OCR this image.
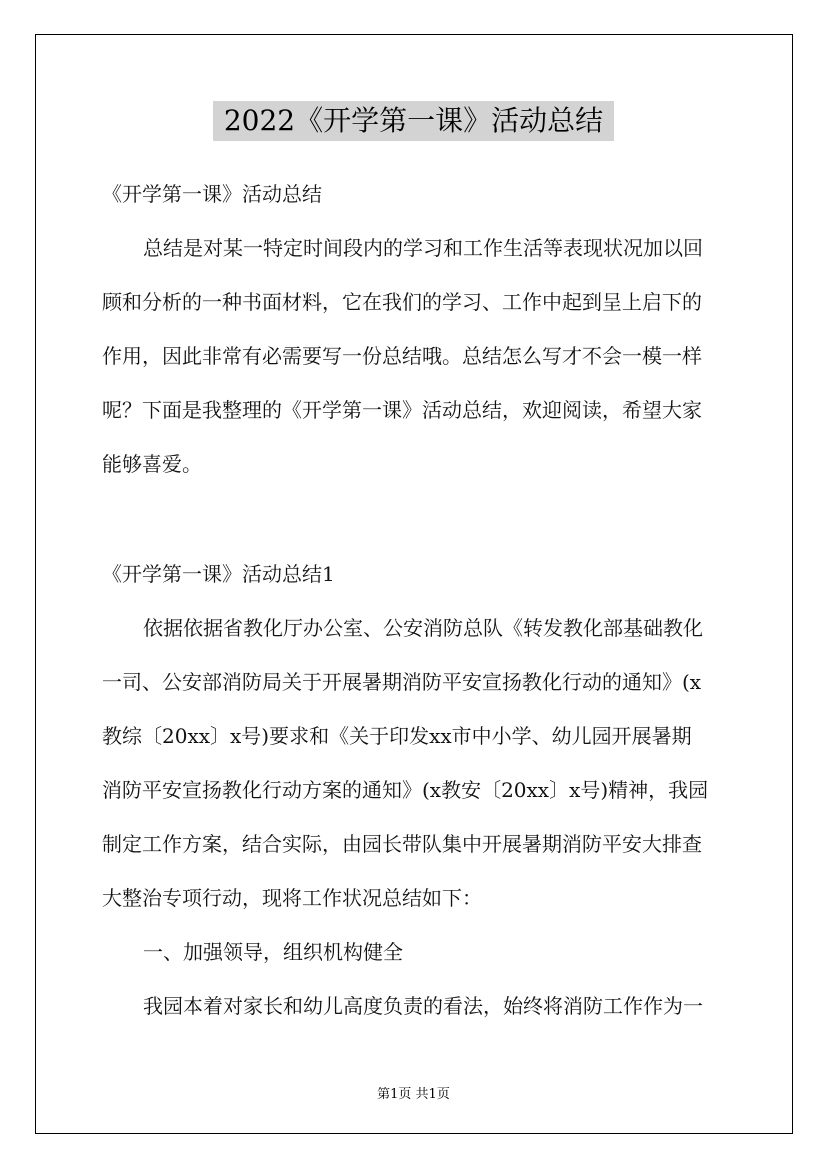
2022《开学第一课》活动总结

《开学第一课》活动总结

总结是对某一特定时间段内的学习和工作生活等表现状况加以回

顾和分析的一种书面材料，它在我们的学习、工作中起到呈上启下的

作用，因此非常有必需要写一份总结哦。总结怎么写才不会一模一样

呢？下面是我整理的《开学第一课》活动总结，欢迎阅读，希望大家

能够喜爱。

《开学第一课》活动总结1

依据依据省教化厅办公室、公安消防总队《转发教化部基础教化

一司、公安部消防局关于开展暑期消防平安宣扬教化行动的通知》(x

教综〔20xx〕x号)要求和《关于印发xx市中小学、幼儿园开展暑期

消防平安宣扬教化行动方案的通知》(x教安〔20xx〕x号)精神，我园

制定工作方案，结合实际，由园长带队集中开展暑期消防平安大排查

大整治专项行动，现将工作状况总结如下：

一、加强领导，组织机构健全

我园本着对家长和幼儿高度负责的看法，始终将消防工作作为一

第1页 共1页
